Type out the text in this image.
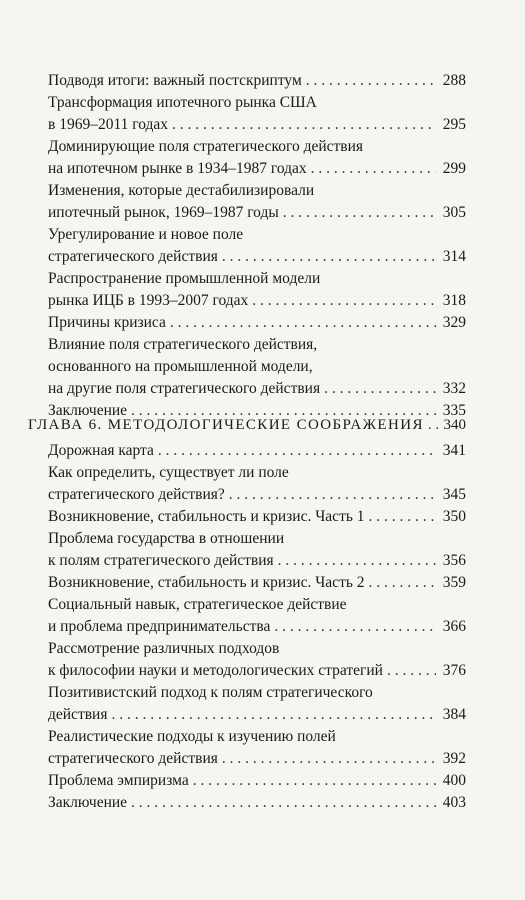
Подводя итоги: важный постскриптум . . .	288
Трансформация ипотечного рынка США
в 1969–2011 годах . . .	295
Доминирующие поля стратегического действия
на ипотечном рынке в 1934–1987 годах . . .	299
Изменения, которые дестабилизировали
ипотечный рынок, 1969–1987 годы . . .	305
Урегулирование и новое поле
стратегического действия . . .	314
Распространение промышленной модели
рынка ИЦБ в 1993–2007 годах . . .	318
Причины кризиса . . .	329
Влияние поля стратегического действия,
основанного на промышленной модели,
на другие поля стратегического действия . . .	332
Заключение . . .	335
ГЛАВА 6. МЕТОДОЛОГИЧЕСКИЕ СООБРАЖЕНИЯ . . . 340
Дорожная карта . . .	341
Как определить, существует ли поле
стратегического действия? . . .	345
Возникновение, стабильность и кризис. Часть 1 . . .	350
Проблема государства в отношении
к полям стратегического действия . . .	356
Возникновение, стабильность и кризис. Часть 2 . . .	359
Социальный навык, стратегическое действие
и проблема предпринимательства . . .	366
Рассмотрение различных подходов
к философии науки и методологических стратегий . . .	376
Позитивистский подход к полям стратегического
действия . . .	384
Реалистические подходы к изучению полей
стратегического действия . . .	392
Проблема эмпиризма . . .	400
Заключение . . .	403
